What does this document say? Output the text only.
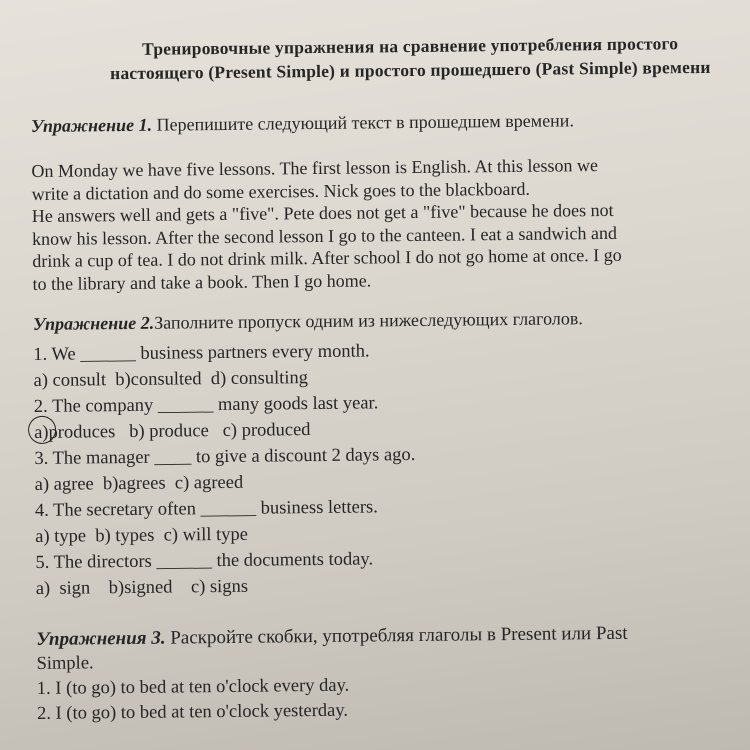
Тренировочные упражнения на сравнение употребления простого
настоящего (Present Simple) и простого прошедшего (Past Simple) времени
Упражнение 1. Перепишите следующий текст в прошедшем времени.

On Monday we have five lessons. The first lesson is English. At this lesson we

write a dictation and do some exercises. Nick goes to the blackboard.

He answers well and gets a "five". Pete does not get a "five" because he does not

know his lesson. After the second lesson I go to the canteen. I eat a sandwich and

drink a cup of tea. I do not drink milk. After school I do not go home at once. I go

to the library and take a book. Then I go home.

Упражнение 2.Заполните пропуск одним из нижеследующих глаголов.
1. We ______ business partners every month.
a) consult  b)consulted  d) consulting
2. The company ______ many goods last year.
a)produces   b) produce   c) produced
3. The manager ____ to give a discount 2 days ago.
a) agree  b)agrees  c) agreed
4. The secretary often ______ business letters.
a) type  b) types  c) will type
5. The directors ______ the documents today.
a)  sign    b)signed    c) signs
Упражнения 3. Раскройте скобки, употребляя глаголы в Present или Past
Simple.
1. I (to go) to bed at ten o'clock every day.
2. I (to go) to bed at ten o'clock yesterday.
